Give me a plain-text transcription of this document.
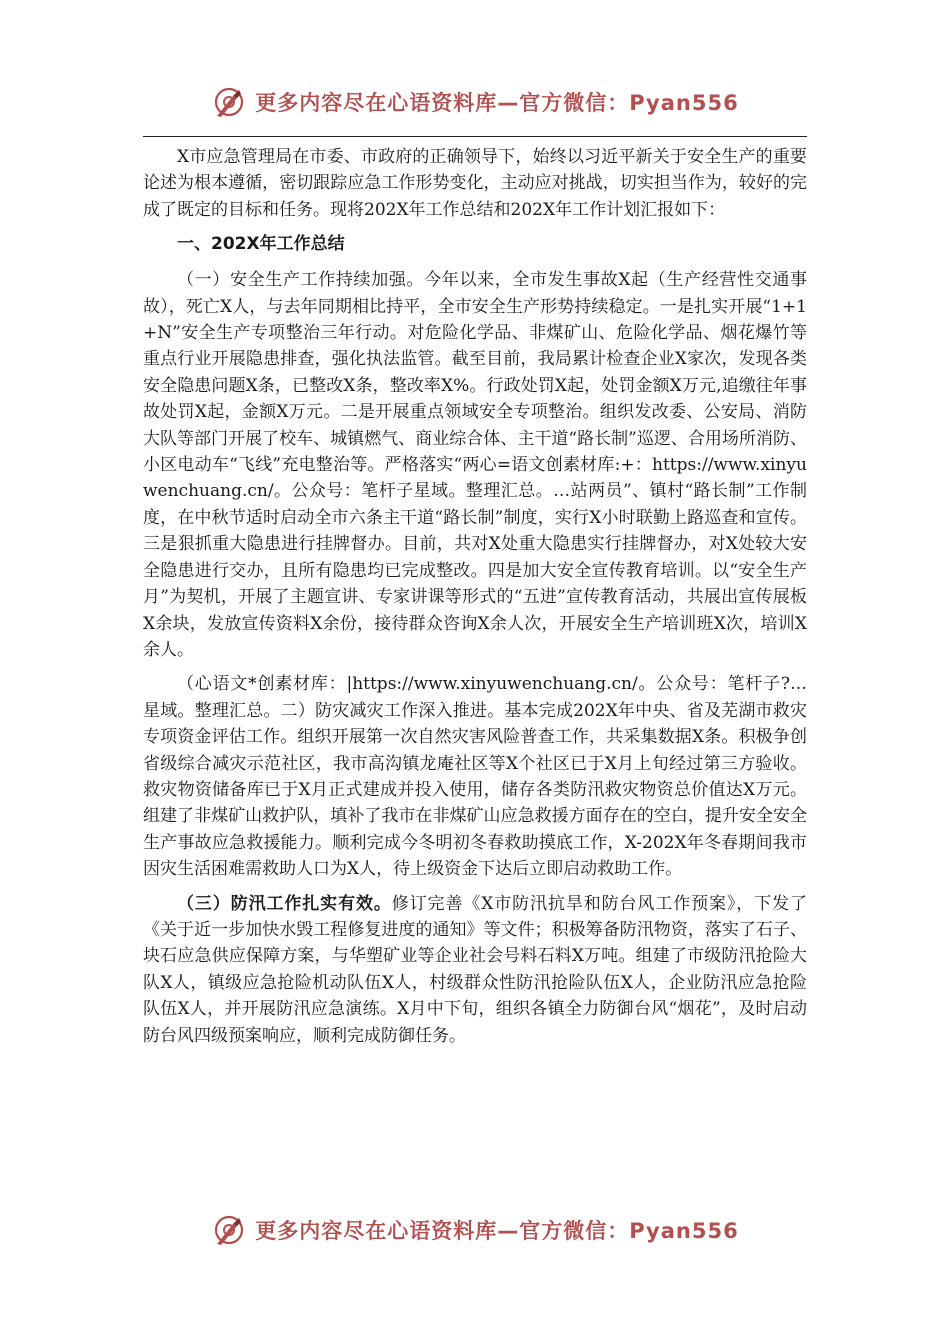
更多内容尽在心语资料库—官方微信：Pyan556

X市应急管理局在市委、市政府的正确领导下，始终以习近平新关于安全生产的重要论述为根本遵循，密切跟踪应急工作形势变化，主动应对挑战，切实担当作为，较好的完成了既定的目标和任务。现将202X年工作总结和202X年工作计划汇报如下：

一、202X年工作总结

（一）安全生产工作持续加强。今年以来，全市发生事故X起（生产经营性交通事故），死亡X人，与去年同期相比持平，全市安全生产形势持续稳定。一是扎实开展“1+1+N”安全生产专项整治三年行动。对危险化学品、非煤矿山、危险化学品、烟花爆竹等重点行业开展隐患排查，强化执法监管。截至目前，我局累计检查企业X家次，发现各类安全隐患问题X条，已整改X条，整改率X%。行政处罚X起，处罚金额X万元,追缴往年事故处罚X起，金额X万元。二是开展重点领域安全专项整治。组织发改委、公安局、消防大队等部门开展了校车、城镇燃气、商业综合体、主干道“路长制”巡逻、合用场所消防、小区电动车“飞线”充电整治等。严格落实“两心=语文创素材库:+：https://www.xinyuwenchuang.cn/。公众号：笔杆子星域。整理汇总。…站两员”、镇村“路长制”工作制度，在中秋节适时启动全市六条主干道“路长制”制度，实行X小时联勤上路巡查和宣传。三是狠抓重大隐患进行挂牌督办。目前，共对X处重大隐患实行挂牌督办，对X处较大安全隐患进行交办，且所有隐患均已完成整改。四是加大安全宣传教育培训。以“安全生产月”为契机，开展了主题宣讲、专家讲课等形式的“五进”宣传教育活动，共展出宣传展板X余块，发放宣传资料X余份，接待群众咨询X余人次，开展安全生产培训班X次，培训X余人。

（心语文*创素材库：|https://www.xinyuwenchuang.cn/。公众号：笔杆子?…星域。整理汇总。二）防灾减灾工作深入推进。基本完成202X年中央、省及芜湖市救灾专项资金评估工作。组织开展第一次自然灾害风险普查工作，共采集数据X条。积极争创省级综合减灾示范社区，我市高沟镇龙庵社区等X个社区已于X月上旬经过第三方验收。救灾物资储备库已于X月正式建成并投入使用，储存各类防汛救灾物资总价值达X万元。组建了非煤矿山救护队，填补了我市在非煤矿山应急救援方面存在的空白，提升安全安全生产事故应急救援能力。顺利完成今冬明初冬春救助摸底工作，X-202X年冬春期间我市因灾生活困难需救助人口为X人，待上级资金下达后立即启动救助工作。

（三）防汛工作扎实有效。修订完善《X市防汛抗旱和防台风工作预案》，下发了《关于近一步加快水毁工程修复进度的通知》等文件；积极筹备防汛物资，落实了石子、块石应急供应保障方案，与华塑矿业等企业社会号料石料X万吨。组建了市级防汛抢险大队X人，镇级应急抢险机动队伍X人，村级群众性防汛抢险队伍X人，企业防汛应急抢险队伍X人，并开展防汛应急演练。X月中下旬，组织各镇全力防御台风“烟花”，及时启动防台风四级预案响应，顺利完成防御任务。

更多内容尽在心语资料库—官方微信：Pyan556
